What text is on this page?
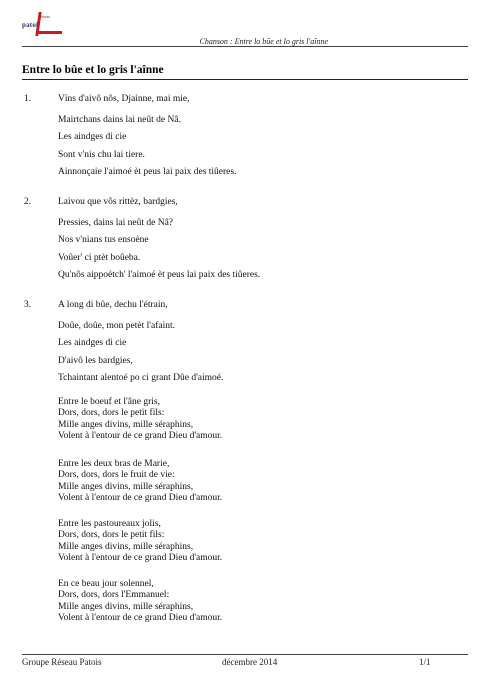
réseau
patoi
Chanson : Entre lo bûe et lo gris l'aînne
Entre lo bûe et lo gris l'aînne
1.	Vïns d'aivô nôs, Djainne, mai mie,
Mairtchans dains lai neût de Nâ.
Les aindges di cie
Sont v'nis chu lai tiere.
Ainnonçaie l'aimoé èt peus lai paix des tiûeres.
2.	Laivou que vôs rittèz, bardgies,
Pressies, dains lai neût de Nâ?
Nos v'nians tus ensoène
Voûer' ci ptèt boûeba.
Qu'nôs aippoétch' l'aimoé èt peus lai paix des tiûeres.
3.	A long di bûe, dechu l'étrain,
Doûe, doûe, mon petèt l'afaint.
Les aindges di cie
D'aivô les bardgies,
Tchaintant alentoé po ci grant Dûe d'aimoé.
Entre le boeuf et l'âne gris,
Dors, dors, dors le petit fils:
Mille anges divins, mille séraphins,
Volent à l'entour de ce grand Dieu d'amour.
Entre les deux bras de Marie,
Dors, dors, dors le fruit de vie:
Mille anges divins, mille séraphins,
Volent à l'entour de ce grand Dieu d'amour.
Entre les pastoureaux jolis,
Dors, dors, dors le petit fils:
Mille anges divins, mille séraphins,
Volent à l'entour de ce grand Dieu d'amour.
En ce beau jour solennel,
Dors, dors, dors l'Emmanuel:
Mille anges divins, mille séraphins,
Volent à l'entour de ce grand Dieu d'amour.
Groupe Réseau Patois	décembre 2014	1/1
